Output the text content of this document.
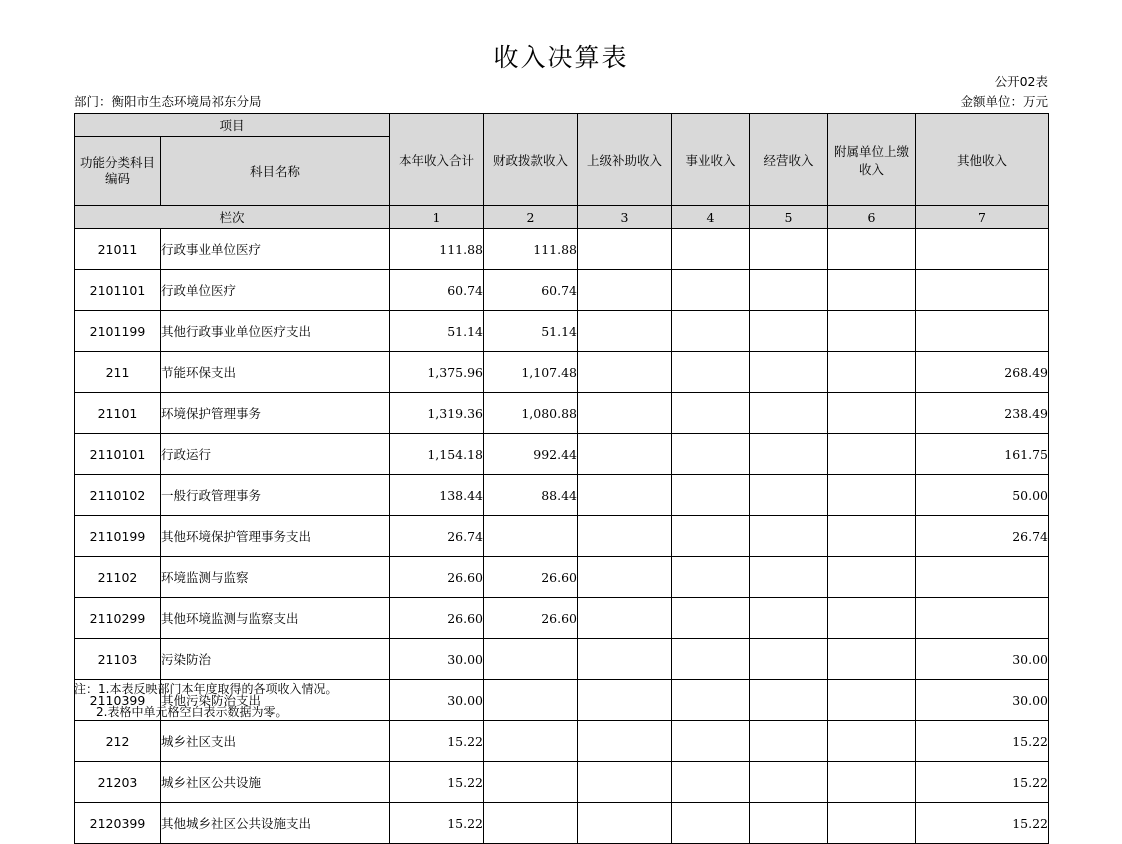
收入决算表
公开02表
部门：衡阳市生态环境局祁东分局	金额单位：万元
项目		本年收入合计	财政拨款收入	上级补助收入	事业收入	经营收入	附属单位上缴收入	其他收入

功能分类科目编码	科目名称							
栏次		1	2	3	4	5	6	7
21011	行政事业单位医疗	111.88	111.88					
2101101	行政单位医疗	60.74	60.74					
2101199	其他行政事业单位医疗支出	51.14	51.14					
211	节能环保支出	1,375.96	1,107.48					268.49
21101	环境保护管理事务	1,319.36	1,080.88					238.49
2110101	行政运行	1,154.18	992.44					161.75
2110102	一般行政管理事务	138.44	88.44					50.00
2110199	其他环境保护管理事务支出	26.74						26.74
21102	环境监测与监察	26.60	26.60					
2110299	其他环境监测与监察支出	26.60	26.60					
21103	污染防治	30.00						30.00
2110399	其他污染防治支出	30.00						30.00
212	城乡社区支出	15.22						15.22
21203	城乡社区公共设施	15.22						15.22
2120399	其他城乡社区公共设施支出	15.22						15.22
注：1.本表反映部门本年度取得的各项收入情况。
2.表格中单元格空白表示数据为零。
